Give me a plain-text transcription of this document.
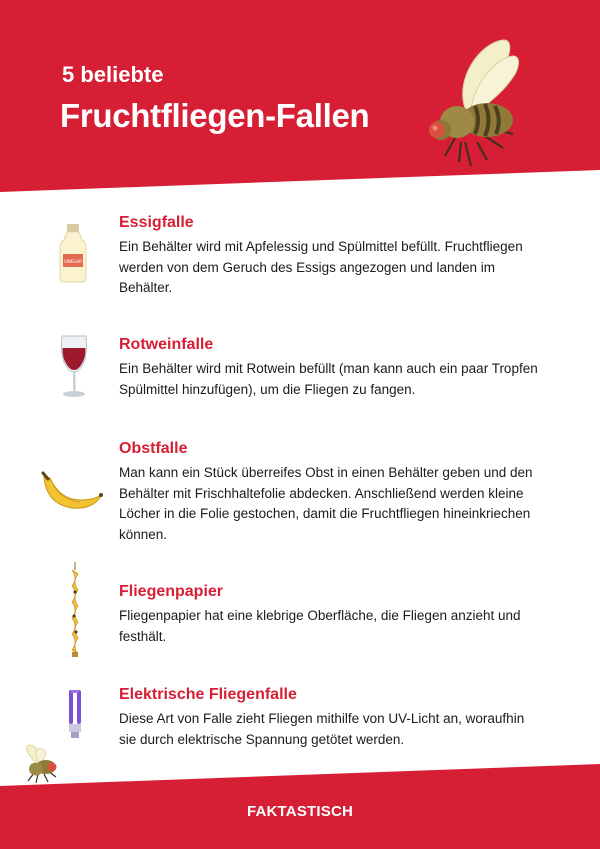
5 beliebte
Fruchtfliegen-Fallen
VINEGAR
Essigfalle

Ein Behälter wird mit Apfelessig und Spülmittel befüllt. Fruchtfliegen werden von dem Geruch des Essigs angezogen und landen im Behälter.

Rotweinfalle

Ein Behälter wird mit Rotwein befüllt (man kann auch ein paar Tropfen Spülmittel hinzufügen), um die Fliegen zu fangen.

Obstfalle

Man kann ein Stück überreifes Obst in einen Behälter geben und den Behälter mit Frischhaltefolie abdecken. Anschließend werden kleine Löcher in die Folie gestochen, damit die Fruchtfliegen hineinkriechen können.

Fliegenpapier

Fliegenpapier hat eine klebrige Oberfläche, die Fliegen anzieht und festhält.

Elektrische Fliegenfalle

Diese Art von Falle zieht Fliegen mithilfe von UV-Licht an, woraufhin sie durch elektrische Spannung getötet werden.

FAKTASTISCH
